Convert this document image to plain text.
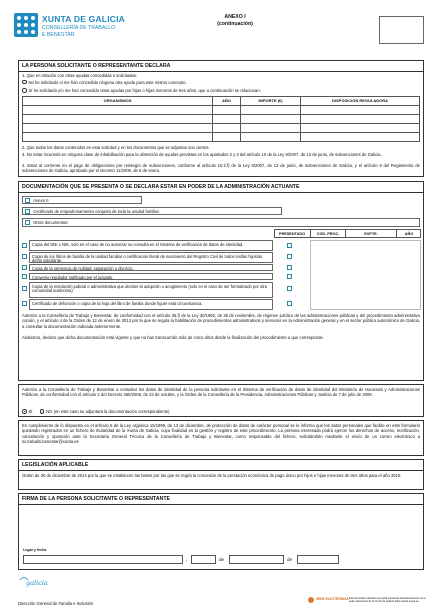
XUNTA DE GALICIA
CONSELLERÍA DE TRABALLO
E BENESTAR
ANEXO I
(continuación)
LA PERSONA SOLICITANTE O REPRESENTANTE DECLARA
1. Que en relación con otras ayudas concedidas o solicitadas:
No he solicitado ni me han concedido ninguna otra ayuda para este mismo concepto.
Sí he solicitado y/o me han concedido otras ayudas por hijos o hijas menores de tres años, que a continuación se relacionan:
ORGANISMOS	AÑO	IMPORTE (€)	DISPOSICIÓN REGULADORA

2. Que todos los datos contenidos en esta solicitud y en los documentos que se adjuntan son ciertos.
3. No estar incurso/a en ninguna clase de inhabilitación para la obtención de ayudas previstas en los apartados 2 y 3 del artículo 10 de la Ley 9/2007, de 13 de junio, de subvenciones de Galicia.
4. Estar al corriente en el pago de obligaciones por reintegro de subvenciones, conforme al artículo 10.2.f) de la Ley 9/2007, de 13 de junio, de subvenciones de Galicia, y el artículo 9 del Reglamento de subvenciones de Galicia, aprobado por el Decreto 11/2009, de 8 de enero.
DOCUMENTACIÓN QUE SE PRESENTA O SE DECLARA ESTAR EN PODER DE LA ADMINISTRACIÓN ACTUANTE
Anexo II
Certificado de empadronamiento conjunto de toda la unidad familiar.
Otros documentos:
PRESENTADO	CÓD. PROC.	EXPTE.	AÑO
Copia del DNI o NIE, solo en el caso de no autorizar su consulta en el Sistema de verificación de datos de identidad.
Copia de los libros de familia de la unidad familiar o certificación literal de nacimiento del Registro Civil de todos los/las hijos/as del/la solicitante.
Copia de la sentencia de nulidad, separación o divorcio.
Convenio regulador ratificado por el juzgado.
Copia de la resolución judicial o administrativa que declare la adopción o acogimiento (solo en el caso de ser formalizado por otra comunidad autónoma)
Certificado de defunción o copia de la hoja del libro de familia donde figure esta circunstancia.
Autorizo a la Consellería de Trabajo y Bienestar, de conformidad con el artículo 35.f) de la Ley 30/1992, de 26 de noviembre, de régimen jurídico de las administraciones públicas y del procedimiento administrativo común, y el artículo 4 de la Orden de 12 de enero de 2012 por la que se regula la habilitación de procedimientos administrativos y servicios en la Administración general y en el sector público autonómico de Galicia, a consultar la documentación indicada anteriormente.
Asimismo, declaro que dicha documentación está vigente y que no han transcurrido más de cinco años desde la finalización del procedimiento a que corresponde.
Autorizo a la Consellería de Trabajo y Bienestar a consultar los datos de identidad de la persona solicitante en el Sistema de verificación de datos de identidad del Ministerio de Hacienda y Administraciones Públicas, de conformidad con el artículo 2 del Decreto 255/2008, de 23 de octubre, y la Orden de la Consellería de la Presidencia, Administraciones Públicas y Justicia de 7 de julio de 2009.
SÍ	NO (en este caso se adjuntará la documentación correspondiente)
En cumplimiento de lo dispuesto en el artículo 5 de la Ley orgánica 15/1999, de 13 de diciembre, de protección de datos de carácter personal se le informa que los datos personales que facilite en este formulario quedarán registrados en un fichero de titularidad de la Xunta de Galicia, cuya finalidad es la gestión y registro de este procedimiento. La persona interesada podrá ejercer los derechos de acceso, rectificación, cancelación y oposición ante la Secretaría General Técnica de la Consellería de Trabajo y Bienestar, como responsable del fichero, solicitándolo mediante el envío de un correo electrónico a sx.traballo.benestar@xunta.es
LEGISLACIÓN APLICABLE
Orden de 30 de diciembre de 2014 por la que se establecen las bases por las que se regirá la concesión de la prestación económica de pago único por hijos e hijas menores de tres años para el año 2015.
FIRMA DE LA PERSONA SOLICITANTE O REPRESENTANTE
Lugar y fecha
,	de	de
galicia
Dirección General de Familia e Inclusión
SEDE ELECTRÓNICA Este formulario también se podrá presentar electrónicamente en la sede electrónica de la Xunta de Galicia https://sede.xunta.es
